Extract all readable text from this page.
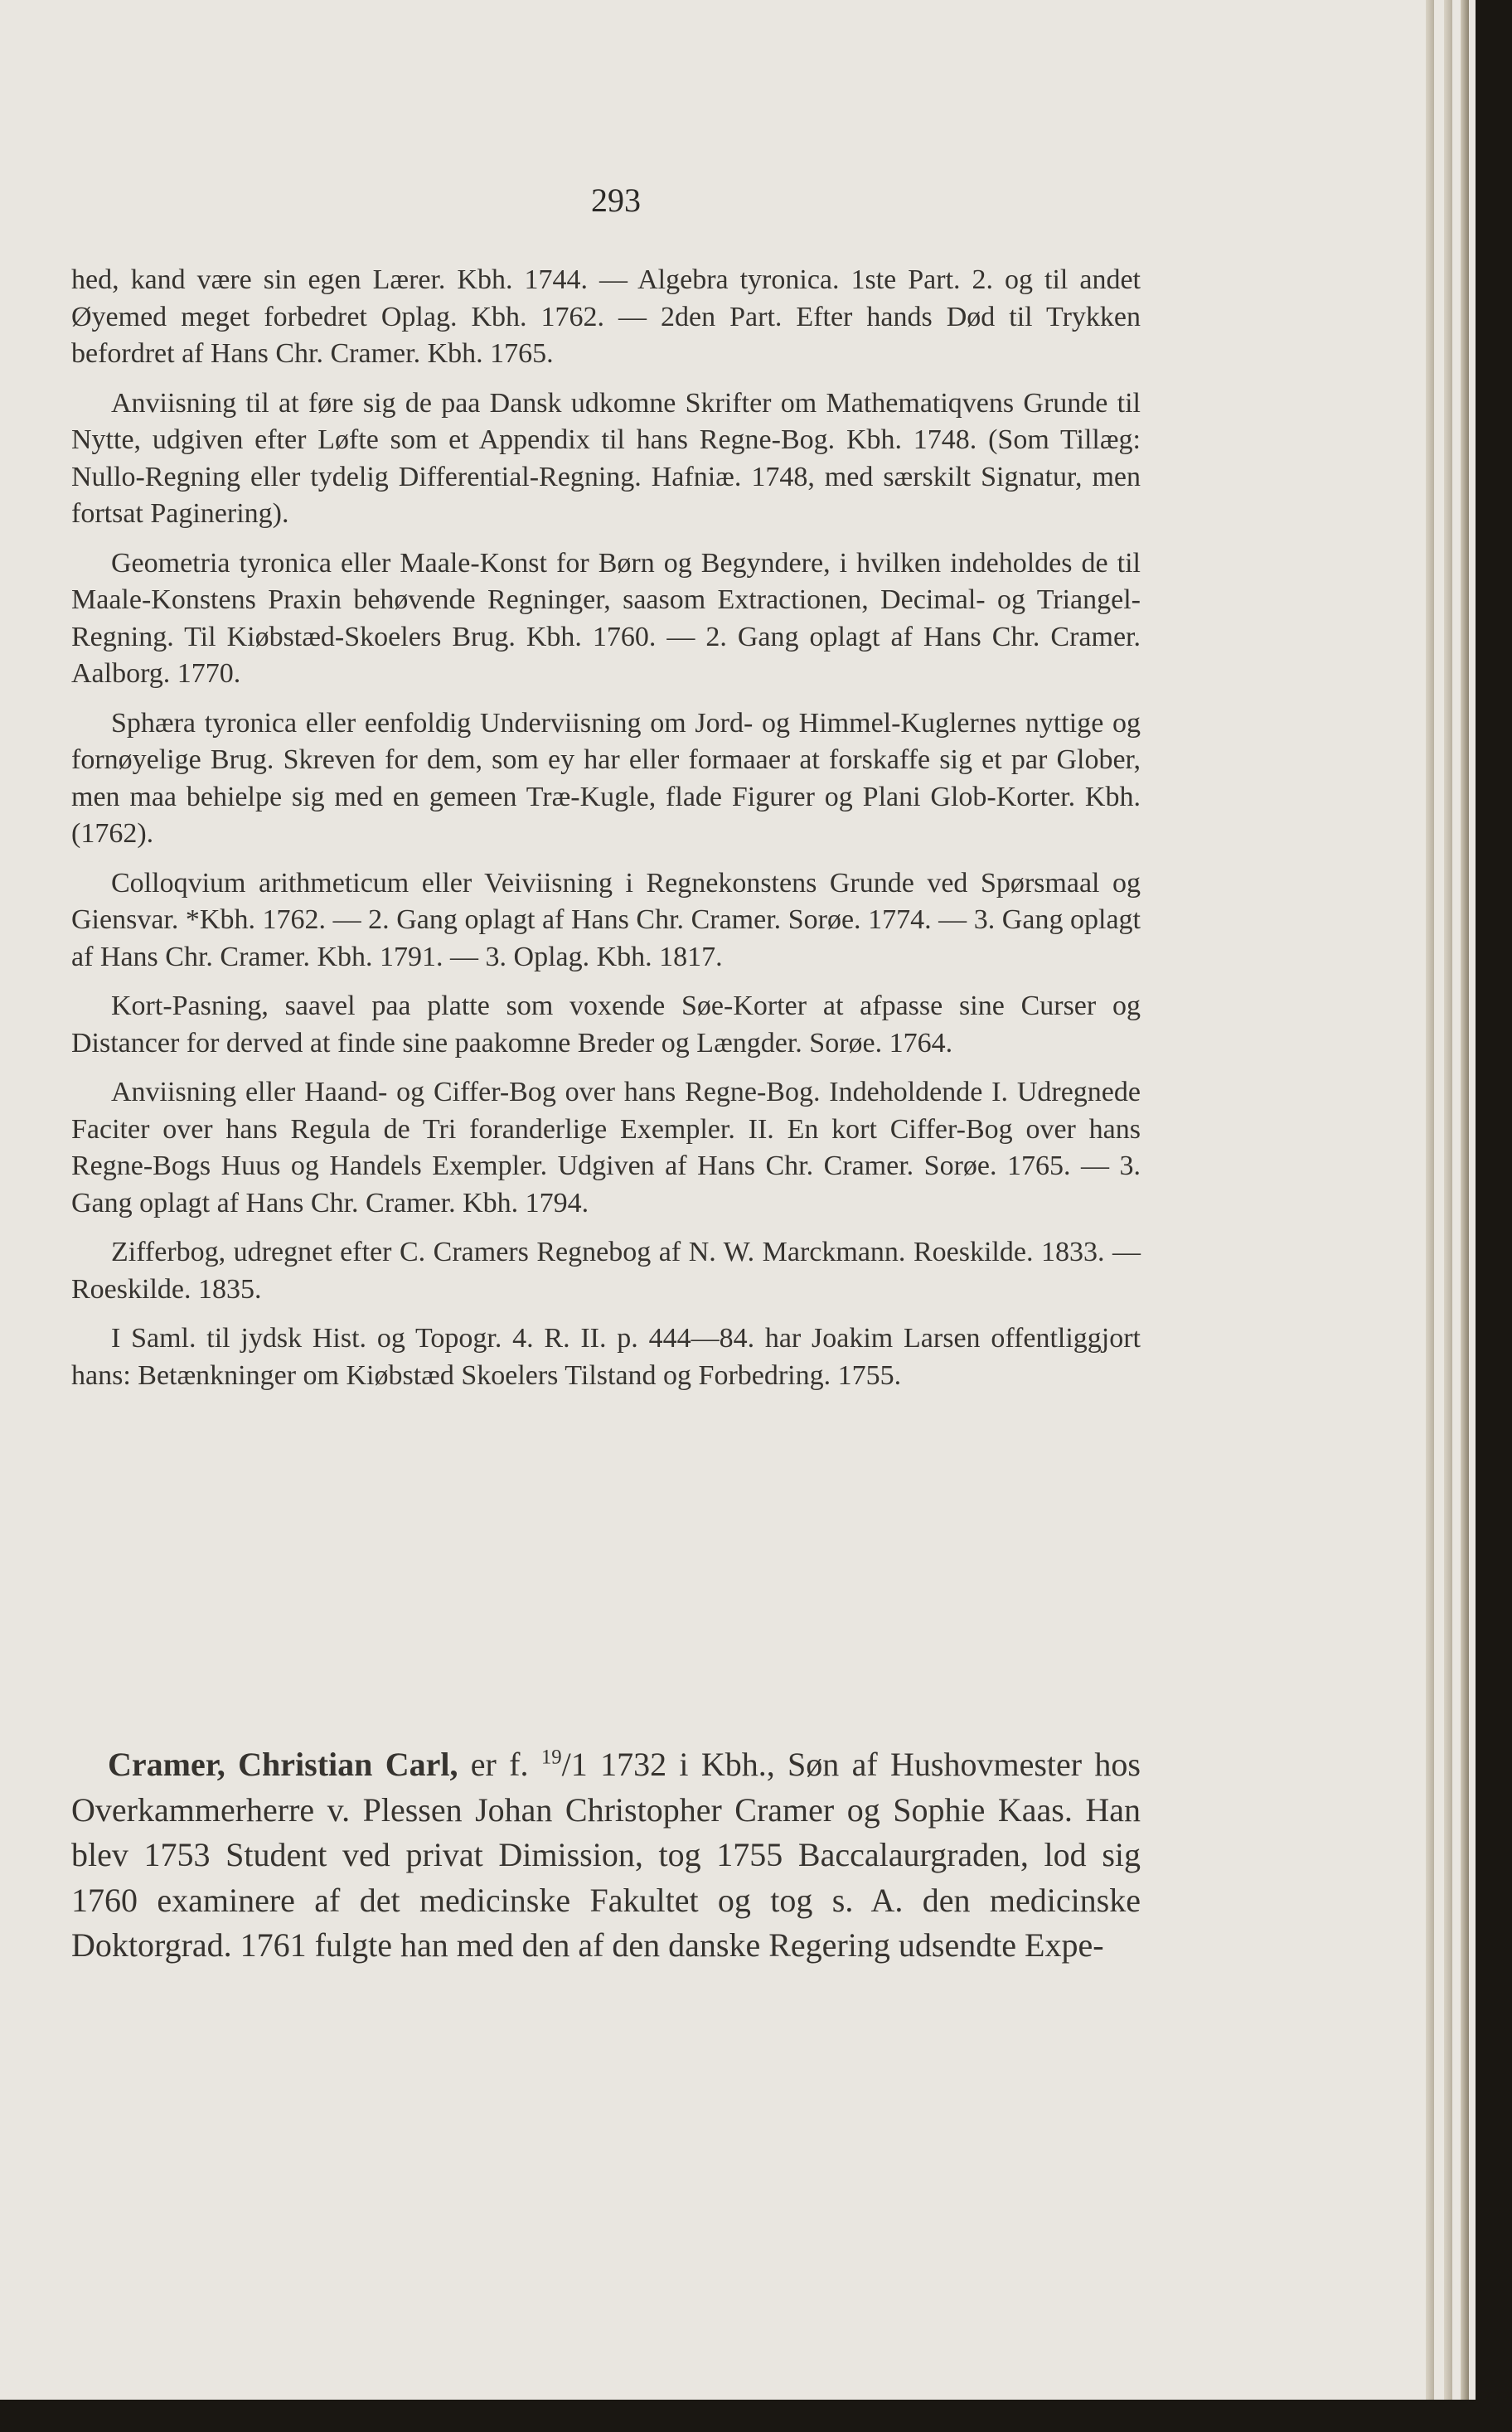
293

hed, kand være sin egen Lærer. Kbh. 1744. — Algebra tyronica. 1ste Part. 2. og til andet Øyemed meget forbedret Oplag. Kbh. 1762. — 2den Part. Efter hands Død til Trykken befordret af Hans Chr. Cramer. Kbh. 1765.

Anviisning til at føre sig de paa Dansk udkomne Skrifter om Mathematiqvens Grunde til Nytte, udgiven efter Løfte som et Appendix til hans Regne-Bog. Kbh. 1748. (Som Tillæg: Nullo-Regning eller tydelig Differential-Regning. Hafniæ. 1748, med særskilt Signatur, men fortsat Paginering).

Geometria tyronica eller Maale-Konst for Børn og Begyndere, i hvilken indeholdes de til Maale-Konstens Praxin behøvende Regninger, saasom Extractionen, Decimal- og Triangel-Regning. Til Kiøbstæd-Skoelers Brug. Kbh. 1760. — 2. Gang oplagt af Hans Chr. Cramer. Aalborg. 1770.

Sphæra tyronica eller eenfoldig Underviisning om Jord- og Himmel-Kuglernes nyttige og fornøyelige Brug. Skreven for dem, som ey har eller formaaer at forskaffe sig et par Glober, men maa behielpe sig med en gemeen Træ-Kugle, flade Figurer og Plani Glob-Korter. Kbh. (1762).

Colloqvium arithmeticum eller Veiviisning i Regnekonstens Grunde ved Spørsmaal og Giensvar. *Kbh. 1762. — 2. Gang oplagt af Hans Chr. Cramer. Sorøe. 1774. — 3. Gang oplagt af Hans Chr. Cramer. Kbh. 1791. — 3. Oplag. Kbh. 1817.

Kort-Pasning, saavel paa platte som voxende Søe-Korter at afpasse sine Curser og Distancer for derved at finde sine paakomne Breder og Længder. Sorøe. 1764.

Anviisning eller Haand- og Ciffer-Bog over hans Regne-Bog. Indeholdende I. Udregnede Faciter over hans Regula de Tri foranderlige Exempler. II. En kort Ciffer-Bog over hans Regne-Bogs Huus og Handels Exempler. Udgiven af Hans Chr. Cramer. Sorøe. 1765. — 3. Gang oplagt af Hans Chr. Cramer. Kbh. 1794.

Zifferbog, udregnet efter C. Cramers Regnebog af N. W. Marckmann. Roeskilde. 1833. — Roeskilde. 1835.

I Saml. til jydsk Hist. og Topogr. 4. R. II. p. 444—84. har Joakim Larsen offentliggjort hans: Betænkninger om Kiøbstæd Skoelers Tilstand og Forbedring. 1755.

Cramer, Christian Carl, er f. $^{19}$/1 1732 i Kbh., Søn af Hushovmester hos Overkammerherre v. Plessen Johan Christopher Cramer og Sophie Kaas. Han blev 1753 Student ved privat Dimission, tog 1755 Baccalaurgraden, lod sig 1760 examinere af det medicinske Fakultet og tog s. A. den medicinske Doktorgrad. 1761 fulgte han med den af den danske Regering udsendte Expe-
